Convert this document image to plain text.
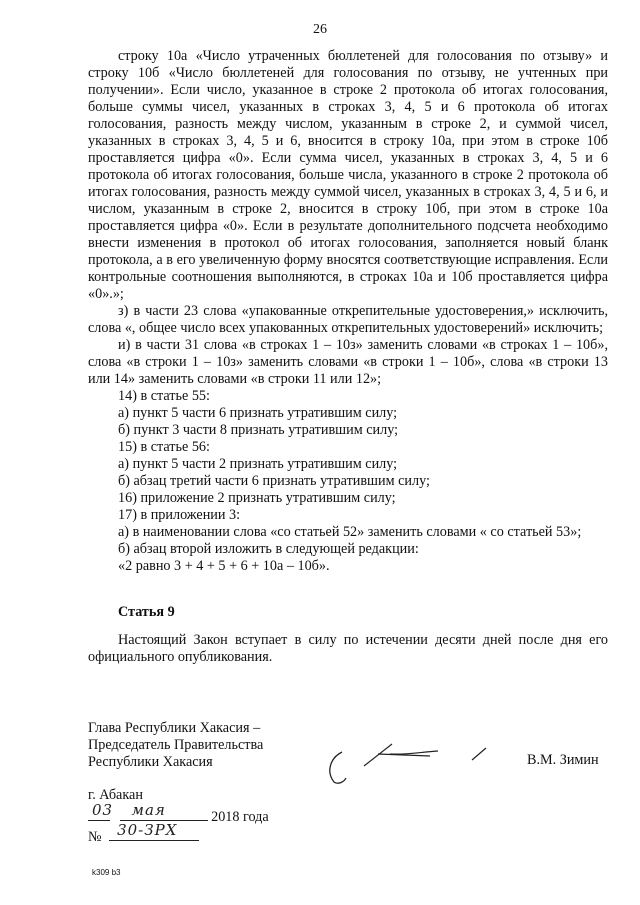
26

строку 10а «Число утраченных бюллетеней для голосования по отзыву» и строку 10б «Число бюллетеней для голосования по отзыву, не учтенных при получении». Если число, указанное в строке 2 протокола об итогах голосования, больше суммы чисел, указанных в строках 3, 4, 5 и 6 протокола об итогах голосования, разность между числом, указанным в строке 2, и суммой чисел, указанных в строках 3, 4, 5 и 6, вносится в строку 10а, при этом в строке 10б проставляется цифра «0». Если сумма чисел, указанных в строках 3, 4, 5 и 6 протокола об итогах голосования, больше числа, указанного в строке 2 протокола об итогах голосования, разность между суммой чисел, указанных в строках 3, 4, 5 и 6, и числом, указанным в строке 2, вносится в строку 10б, при этом в строке 10а проставляется цифра «0». Если в результате дополнительного подсчета необходимо внести изменения в протокол об итогах голосования, заполняется новый бланк протокола, а в его увеличенную форму вносятся соответствующие исправления. Если контрольные соотношения выполняются, в строках 10а и 10б проставляется цифра «0».»;

з) в части 23 слова «упакованные открепительные удостоверения,» исключить, слова «, общее число всех упакованных открепительных удостоверений» исключить;

и) в части 31 слова «в строках 1 – 10з» заменить словами «в строках 1 – 10б», слова «в строки 1 – 10з» заменить словами «в строки 1 – 10б», слова «в строки 13 или 14» заменить словами «в строки 11 или 12»;

14) в статье 55:

а) пункт 5 части 6 признать утратившим силу;

б) пункт 3 части 8 признать утратившим силу;

15) в статье 56:

а) пункт 5 части 2 признать утратившим силу;

б) абзац третий части 6 признать утратившим силу;

16) приложение 2 признать утратившим силу;

17) в приложении 3:

а) в наименовании слова «со статьей 52» заменить словами « со статьей 53»;

б) абзац второй изложить в следующей редакции:

«2 равно 3 + 4 + 5 + 6 + 10а – 10б».

Статья 9

Настоящий Закон вступает в силу по истечении десяти дней после дня его официального опубликования.

Глава Республики Хакасия –
Председатель Правительства
Республики Хакасия	В.М. Зимин
г. Абакан
03
мая	2018 года
№ 30-ЗРХ
k309 b3
